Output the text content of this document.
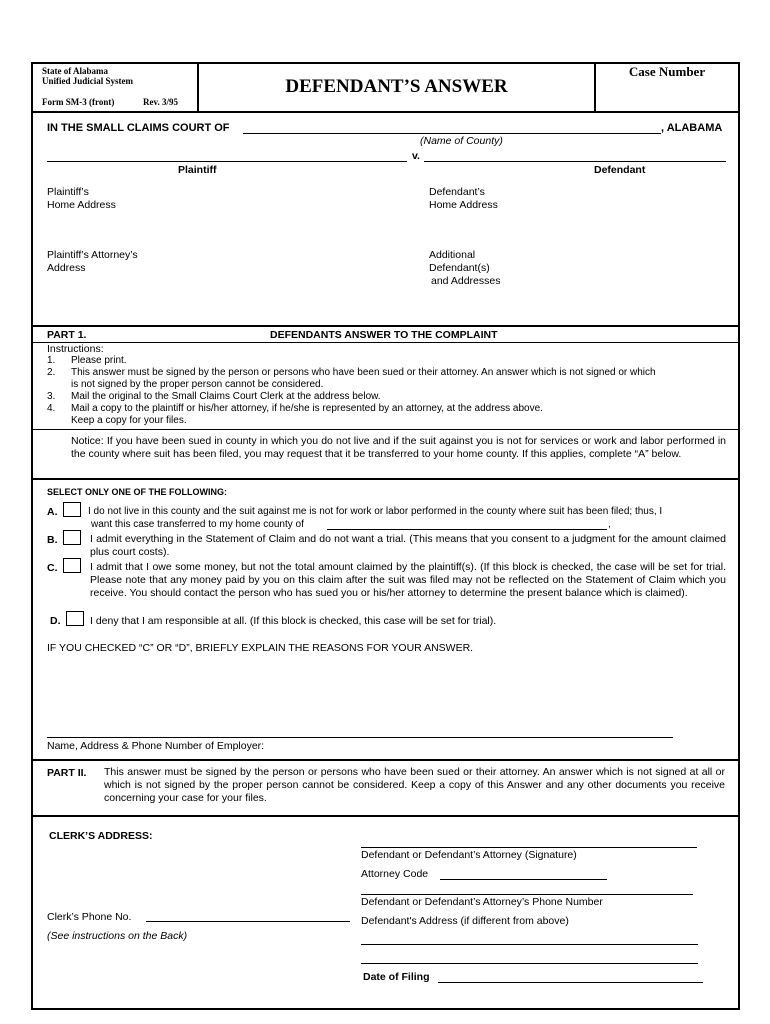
State of Alabama
Unified Judicial System
Form SM-3 (front)	Rev. 3/95
DEFENDANT’S ANSWER
Case Number
IN THE SMALL CLAIMS COURT OF	, ALABAMA
(Name of County)
v.
Plaintiff	Defendant
Plaintiff’s
Home Address
Defendant’s
Home Address
Plaintiff’s Attorney’s
Address
Additional
Defendant(s)
and Addresses
PART 1.	DEFENDANTS ANSWER TO THE COMPLAINT
Instructions:
1. Please print.
2. This answer must be signed by the person or persons who have been sued or their attorney. An answer which is not signed or which
is not signed by the proper person cannot be considered.
3. Mail the original to the Small Claims Court Clerk at the address below.
4. Mail a copy to the plaintiff or his/her attorney, if he/she is represented by an attorney, at the address above.
Keep a copy for your files.
Notice: If you have been sued in county in which you do not live and if the suit against you is not for services or work and labor performed in the county where suit has been filed, you may request that it be transferred to your home county. If this applies, complete “A” below.
SELECT ONLY ONE OF THE FOLLOWING:
A.	I do not live in this county and the suit against me is not for work or labor performed in the county where suit has been filed; thus, I
want this case transferred to my home county of	,
B.	I admit everything in the Statement of Claim and do not want a trial. (This means that you consent to a judgment for the amount claimed plus court costs).
C.	I admit that I owe some money, but not the total amount claimed by the plaintiff(s). (If this block is checked, the case will be set for trial. Please note that any money paid by you on this claim after the suit was filed may not be reflected on the Statement of Claim which you receive. You should contact the person who has sued you or his/her attorney to determine the present balance which is claimed).
D.	I deny that I am responsible at all. (If this block is checked, this case will be set for trial).
IF YOU CHECKED “C” OR “D”, BRIEFLY EXPLAIN THE REASONS FOR YOUR ANSWER.
Name, Address & Phone Number of Employer:
PART II. This answer must be signed by the person or persons who have been sued or their attorney. An answer which is not signed at all or which is not signed by the proper person cannot be considered. Keep a copy of this Answer and any other documents you receive concerning your case for your files.
CLERK’S ADDRESS:
Defendant or Defendant’s Attorney (Signature)
Attorney Code
Defendant or Defendant’s Attorney’s Phone Number
Defendant's Address (if different from above)
Clerk’s Phone No.
(See instructions on the Back)
Date of Filing
